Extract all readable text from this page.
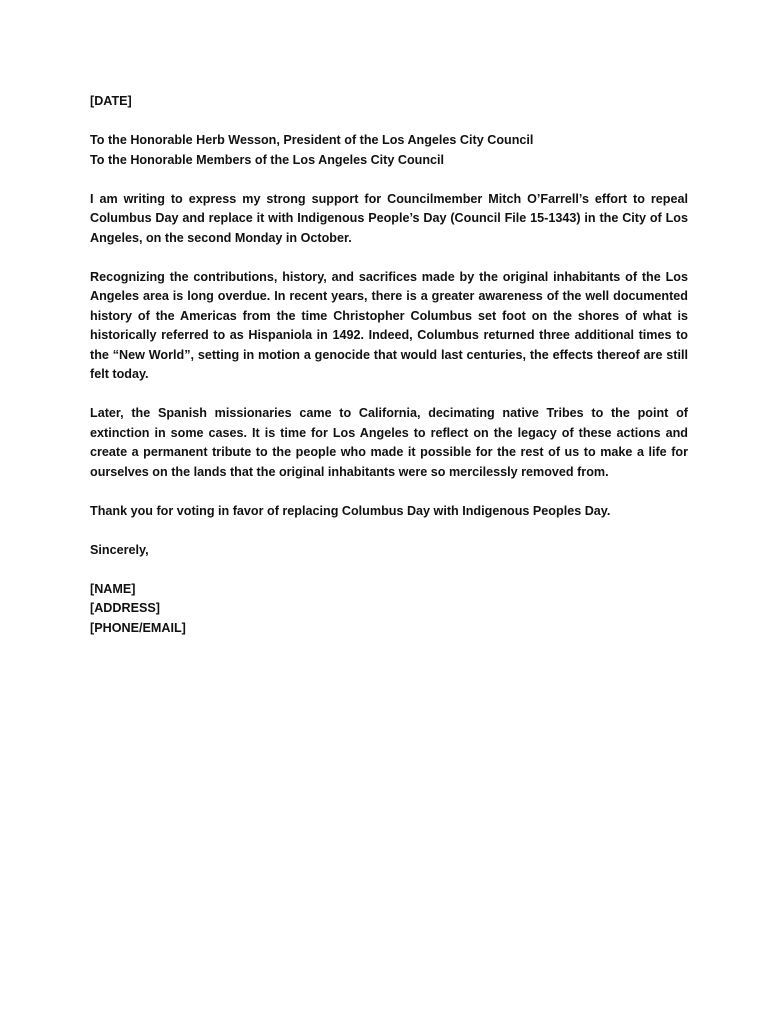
[DATE]
To the Honorable Herb Wesson, President of the Los Angeles City Council
To the Honorable Members of the Los Angeles City Council

I am writing to express my strong support for Councilmember Mitch O’Farrell’s effort to repeal Columbus Day and replace it with Indigenous People’s Day (Council File 15-1343) in the City of Los Angeles, on the second Monday in October.

Recognizing the contributions, history, and sacrifices made by the original inhabitants of the Los Angeles area is long overdue. In recent years, there is a greater awareness of the well documented history of the Americas from the time Christopher Columbus set foot on the shores of what is historically referred to as Hispaniola in 1492. Indeed, Columbus returned three additional times to the “New World”, setting in motion a genocide that would last centuries, the effects thereof are still felt today.

Later, the Spanish missionaries came to California, decimating native Tribes to the point of extinction in some cases. It is time for Los Angeles to reflect on the legacy of these actions and create a permanent tribute to the people who made it possible for the rest of us to make a life for ourselves on the lands that the original inhabitants were so mercilessly removed from.

Thank you for voting in favor of replacing Columbus Day with Indigenous Peoples Day.

Sincerely,
[NAME]
[ADDRESS]
[PHONE/EMAIL]
